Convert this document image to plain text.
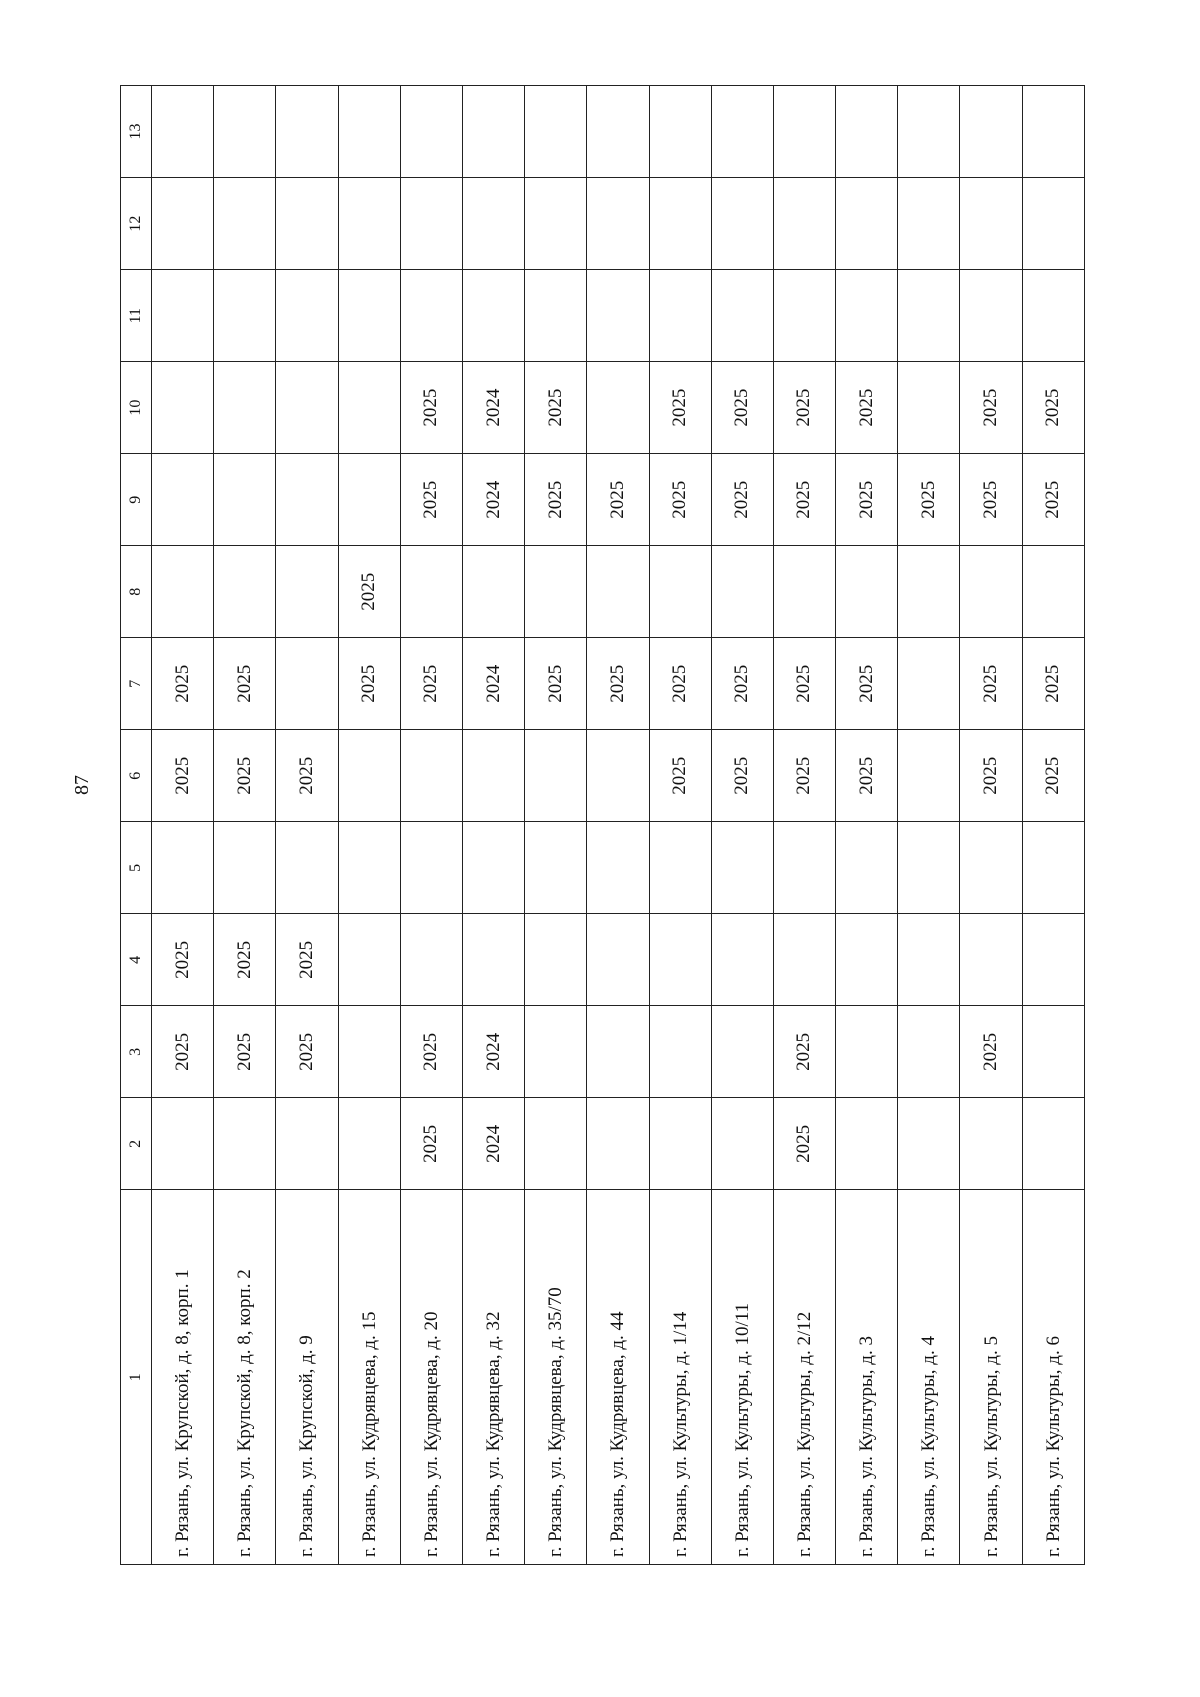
87
1	2	3	4	5	6	7	8	9	10	11	12	13
г. Рязань, ул. Крупской, д. 8, корп. 1		2025	2025		2025	2025						
г. Рязань, ул. Крупской, д. 8, корп. 2		2025	2025		2025	2025						
г. Рязань, ул. Крупской, д. 9		2025	2025		2025							
г. Рязань, ул. Кудрявцева, д. 15						2025	2025					
г. Рязань, ул. Кудрявцева, д. 20	2025	2025				2025		2025	2025			
г. Рязань, ул. Кудрявцева, д. 32	2024	2024				2024		2024	2024			
г. Рязань, ул. Кудрявцева, д. 35/70						2025		2025	2025			
г. Рязань, ул. Кудрявцева, д. 44						2025		2025				
г. Рязань, ул. Культуры, д. 1/14					2025	2025		2025	2025			
г. Рязань, ул. Культуры, д. 10/11					2025	2025		2025	2025			
г. Рязань, ул. Культуры, д. 2/12	2025	2025			2025	2025		2025	2025			
г. Рязань, ул. Культуры, д. 3					2025	2025		2025	2025			
г. Рязань, ул. Культуры, д. 4								2025				
г. Рязань, ул. Культуры, д. 5		2025			2025	2025		2025	2025			
г. Рязань, ул. Культуры, д. 6					2025	2025		2025	2025			
